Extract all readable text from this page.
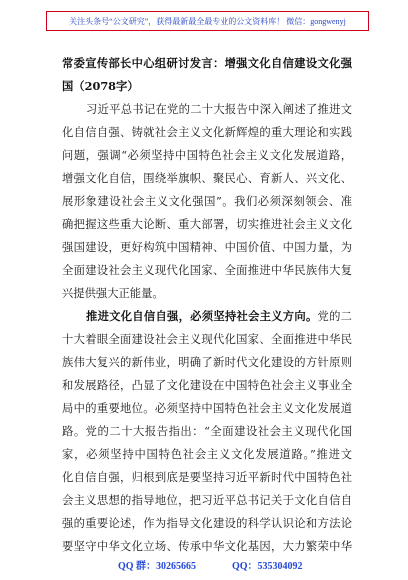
关注头条号“公文研究”，获得最新最全最专业的公文资料库！ 微信：gongwenyj
常委宣传部长中心组研讨发言：增强文化自信建设文化强
国（2078字）
习近平总书记在党的二十大报告中深入阐述了推进文
化自信自强、铸就社会主义文化新辉煌的重大理论和实践
问题，强调“必须坚持中国特色社会主义文化发展道路，
增强文化自信，围绕举旗帜、聚民心、育新人、兴文化、
展形象建设社会主义文化强国”。我们必须深刻领会、准
确把握这些重大论断、重大部署，切实推进社会主义文化
强国建设，更好构筑中国精神、中国价值、中国力量，为
全面建设社会主义现代化国家、全面推进中华民族伟大复
兴提供强大正能量。
推进文化自信自强，必须坚持社会主义方向。党的二
十大着眼全面建设社会主义现代化国家、全面推进中华民
族伟大复兴的新伟业，明确了新时代文化建设的方针原则
和发展路径，凸显了文化建设在中国特色社会主义事业全
局中的重要地位。必须坚持中国特色社会主义文化发展道
路。党的二十大报告指出：“全面建设社会主义现代化国
家，必须坚持中国特色社会主义文化发展道路。”推进文
化自信自强，归根到底是要坚持习近平新时代中国特色社
会主义思想的指导地位，把习近平总书记关于文化自信自
强的重要论述，作为指导文化建设的科学认识论和方法论
要坚守中华文化立场、传承中华文化基因，大力繁荣中华
QQ 群：30265665	QQ：535304092
